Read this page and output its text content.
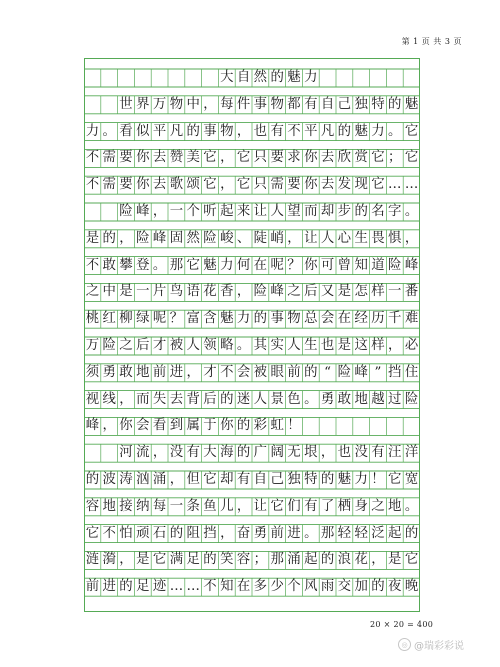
第 1 页 共 3 页
大 自 然 的 魅 力
世 界 万 物 中 ， 每 件 事 物 都 有 自 己 独 特 的 魅
力 。 看 似 平 凡 的 事 物 ， 也 有 不 平 凡 的 魅 力 。 它
不 需 要 你 去 赞 美 它 ， 它 只 要 求 你 去 欣 赏 它 ； 它
不 需 要 你 去 歌 颂 它 ， 它 只 需 要 你 去 发 现 它 … …
险 峰 ， 一 个 听 起 来 让 人 望 而 却 步 的 名 字 。
是 的 ， 险 峰 固 然 险 峻 、 陡 峭 ， 让 人 心 生 畏 惧 ，
不 敢 攀 登 。 那 它 魅 力 何 在 呢 ？ 你 可 曾 知 道 险 峰
之 中 是 一 片 鸟 语 花 香 ， 险 峰 之 后 又 是 怎 样 一 番
桃 红 柳 绿 呢 ？ 富 含 魅 力 的 事 物 总 会 在 经 历 千 难
万 险 之 后 才 被 人 领 略 。 其 实 人 生 也 是 这 样 ， 必
须 勇 敢 地 前 进 ， 才 不 会 被 眼 前 的 “ 险 峰 ” 挡 住
视 线 ， 而 失 去 背 后 的 迷 人 景 色 。 勇 敢 地 越 过 险
峰 ， 你 会 看 到 属 于 你 的 彩 虹 ！
河 流 ， 没 有 大 海 的 广 阔 无 垠 ， 也 没 有 汪 洋
的 波 涛 汹 涌 ， 但 它 却 有 自 己 独 特 的 魅 力 ！ 它 宽
容 地 接 纳 每 一 条 鱼 儿 ， 让 它 们 有 了 栖 身 之 地 。
它 不 怕 顽 石 的 阻 挡 ， 奋 勇 前 进 。 那 轻 轻 泛 起 的
涟 漪 ， 是 它 满 足 的 笑 容 ； 那 涌 起 的 浪 花 ， 是 它
前 进 的 足 迹 … … 不 知 在 多 少 个 风 雨 交 加 的 夜 晚
20 × 20 = 400
◎ @瑞彩彩说
